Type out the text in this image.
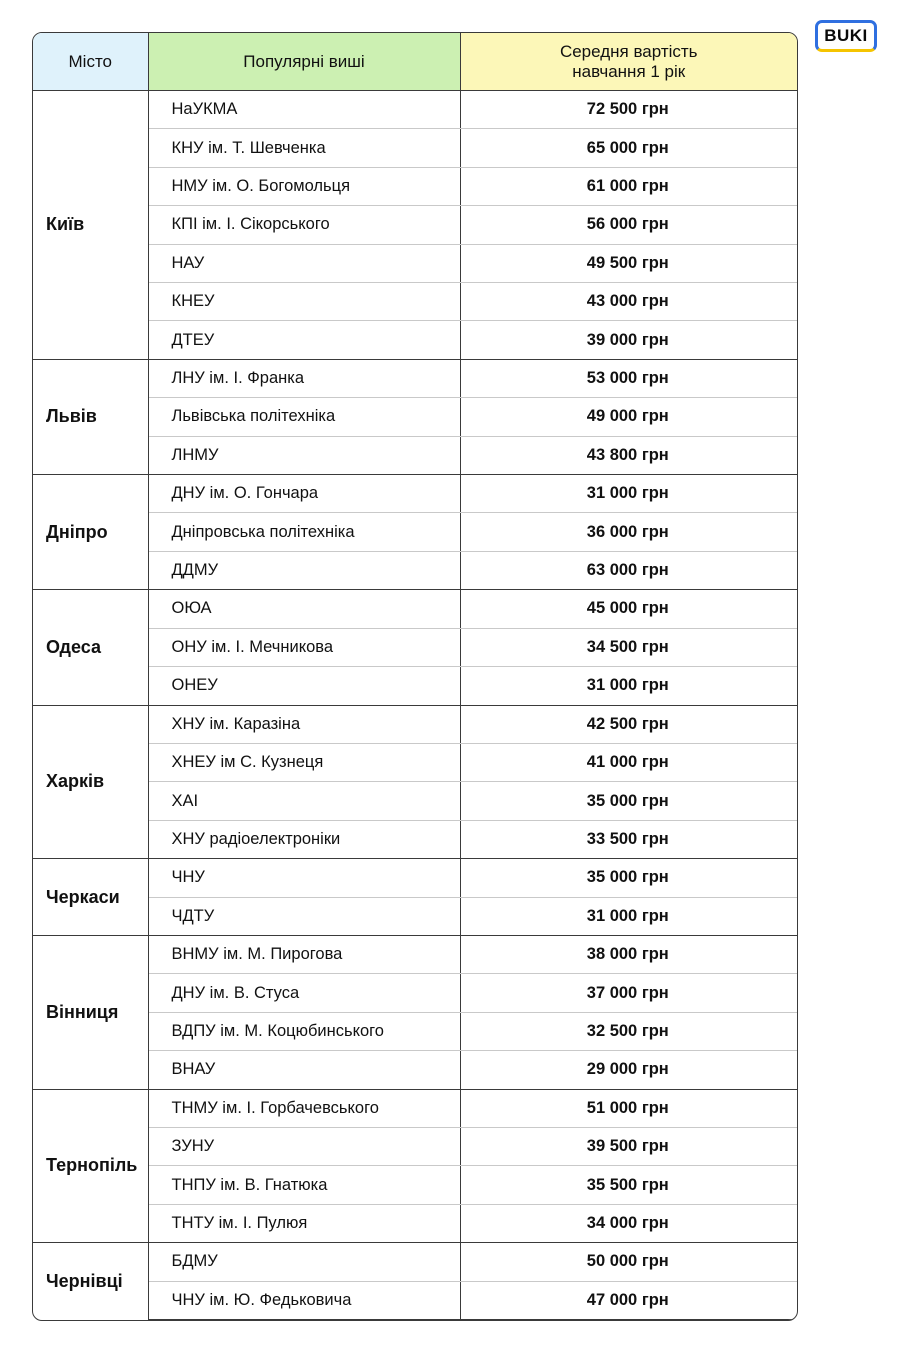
BUKI
Місто	Популярні виші	Середня вартість навчання 1 рік
Київ	НаУКМА	72 500 грн
	КНУ ім. Т. Шевченка	65 000 грн
	НМУ ім. О. Богомольця	61 000 грн
	КПІ ім. І. Сікорського	56 000 грн
	НАУ	49 500 грн
	КНЕУ	43 000 грн
	ДТЕУ	39 000 грн
Львів	ЛНУ ім. І. Франка	53 000 грн
	Львівська політехніка	49 000 грн
	ЛНМУ	43 800 грн
Дніпро	ДНУ ім. О. Гончара	31 000 грн
	Дніпровська політехніка	36 000 грн
	ДДМУ	63 000 грн
Одеса	ОЮА	45 000 грн
	ОНУ ім. І. Мечникова	34 500 грн
	ОНЕУ	31 000 грн
Харків	ХНУ ім. Каразіна	42 500 грн
	ХНЕУ ім С. Кузнеця	41 000 грн
	ХАІ	35 000 грн
	ХНУ радіоелектроніки	33 500 грн
Черкаси	ЧНУ	35 000 грн
	ЧДТУ	31 000 грн
Вінниця	ВНМУ ім. М. Пирогова	38 000 грн
	ДНУ ім. В. Стуса	37 000 грн
	ВДПУ ім. М. Коцюбинського	32 500 грн
	ВНАУ	29 000 грн
Тернопіль	ТНМУ ім. І. Горбачевського	51 000 грн
	ЗУНУ	39 500 грн
	ТНПУ ім. В. Гнатюка	35 500 грн
	ТНТУ ім. І. Пулюя	34 000 грн
Чернівці	БДМУ	50 000 грн
	ЧНУ ім. Ю. Федьковича	47 000 грн
